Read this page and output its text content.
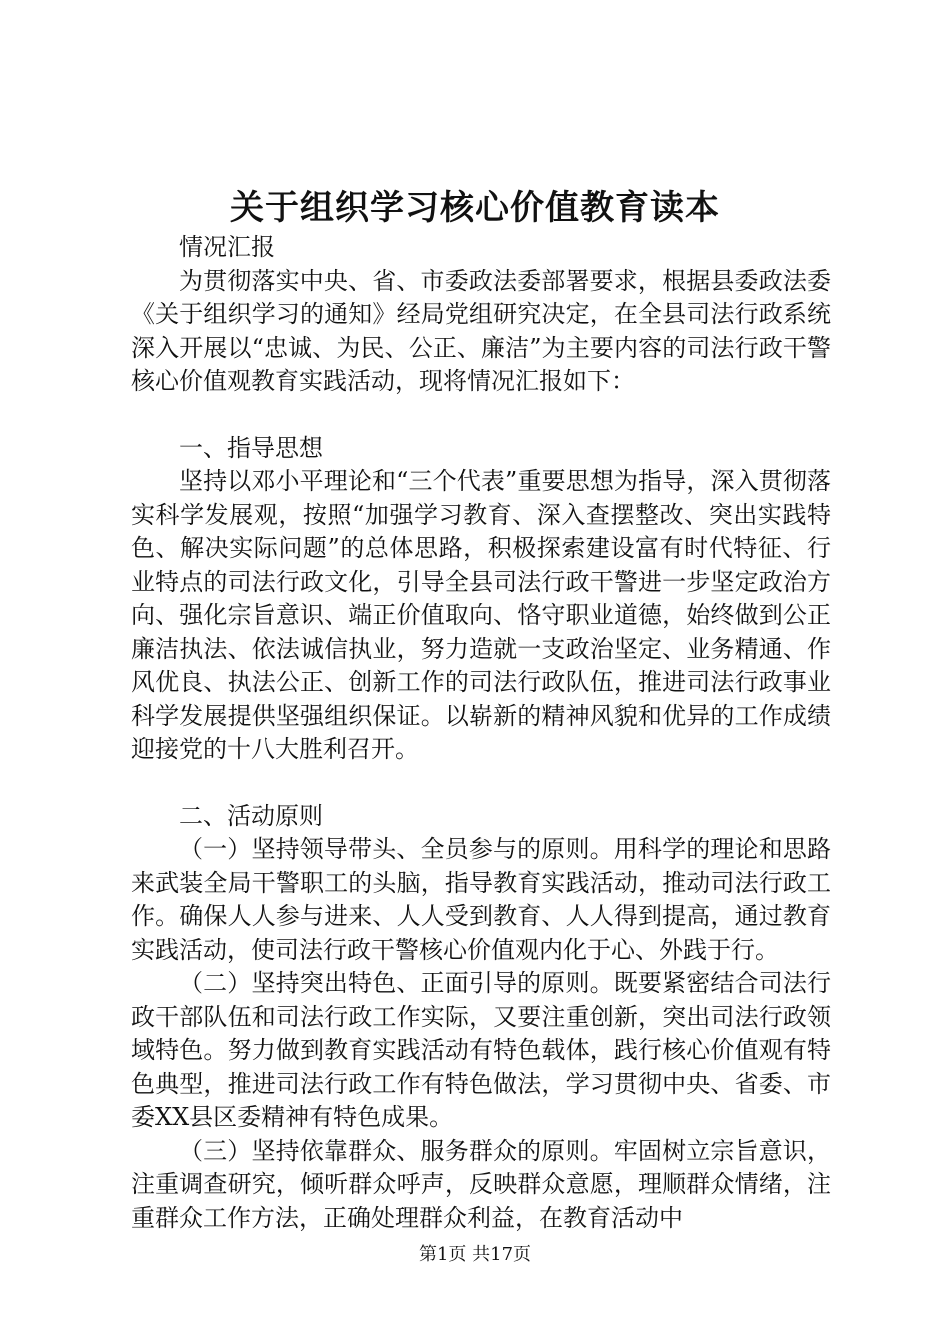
关于组织学习核心价值教育读本

情况汇报

为贯彻落实中央、省、市委政法委部署要求，根据县委政法委《关于组织学习的通知》经局党组研究决定，在全县司法行政系统深入开展以“忠诚、为民、公正、廉洁”为主要内容的司法行政干警核心价值观教育实践活动，现将情况汇报如下：

一、指导思想

坚持以邓小平理论和“三个代表”重要思想为指导，深入贯彻落实科学发展观，按照“加强学习教育、深入查摆整改、突出实践特色、解决实际问题”的总体思路，积极探索建设富有时代特征、行业特点的司法行政文化，引导全县司法行政干警进一步坚定政治方向、强化宗旨意识、端正价值取向、恪守职业道德，始终做到公正廉洁执法、依法诚信执业，努力造就一支政治坚定、业务精通、作风优良、执法公正、创新工作的司法行政队伍，推进司法行政事业科学发展提供坚强组织保证。以崭新的精神风貌和优异的工作成绩迎接党的十八大胜利召开。

二、活动原则

（一）坚持领导带头、全员参与的原则。用科学的理论和思路来武装全局干警职工的头脑，指导教育实践活动，推动司法行政工作。确保人人参与进来、人人受到教育、人人得到提高，通过教育实践活动，使司法行政干警核心价值观内化于心、外践于行。

（二）坚持突出特色、正面引导的原则。既要紧密结合司法行政干部队伍和司法行政工作实际，又要注重创新，突出司法行政领域特色。努力做到教育实践活动有特色载体，践行核心价值观有特色典型，推进司法行政工作有特色做法，学习贯彻中央、省委、市委XX县区委精神有特色成果。

（三）坚持依靠群众、服务群众的原则。牢固树立宗旨意识，注重调查研究，倾听群众呼声，反映群众意愿，理顺群众情绪，注重群众工作方法，正确处理群众利益，在教育活动中

第1页 共17页
